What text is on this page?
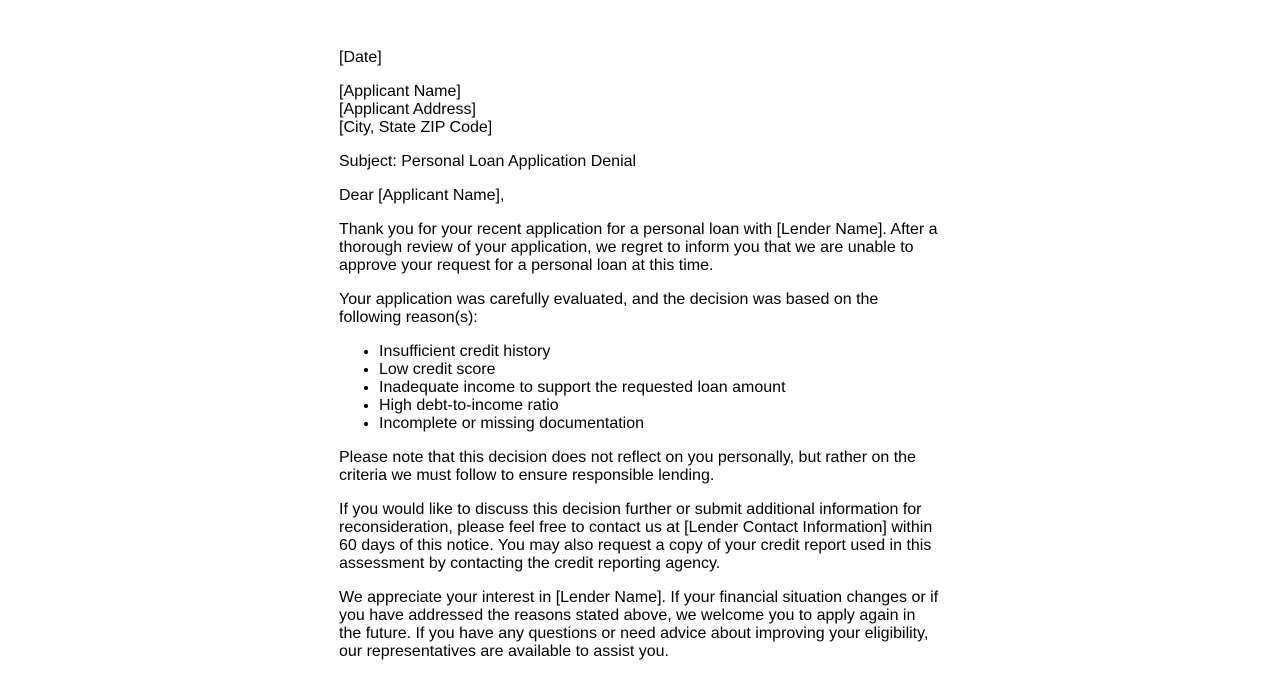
[Date]

[Applicant Name]
[Applicant Address]
[City, State ZIP Code]

Subject: Personal Loan Application Denial

Dear [Applicant Name],

Thank you for your recent application for a personal loan with [Lender Name]. After a thorough review of your application, we regret to inform you that we are unable to approve your request for a personal loan at this time.

Your application was carefully evaluated, and the decision was based on the following reason(s):

• Insufficient credit history
• Low credit score
• Inadequate income to support the requested loan amount
• High debt-to-income ratio
• Incomplete or missing documentation

Please note that this decision does not reflect on you personally, but rather on the criteria we must follow to ensure responsible lending.

If you would like to discuss this decision further or submit additional information for reconsideration, please feel free to contact us at [Lender Contact Information] within 60 days of this notice. You may also request a copy of your credit report used in this assessment by contacting the credit reporting agency.

We appreciate your interest in [Lender Name]. If your financial situation changes or if you have addressed the reasons stated above, we welcome you to apply again in the future. If you have any questions or need advice about improving your eligibility, our representatives are available to assist you.
